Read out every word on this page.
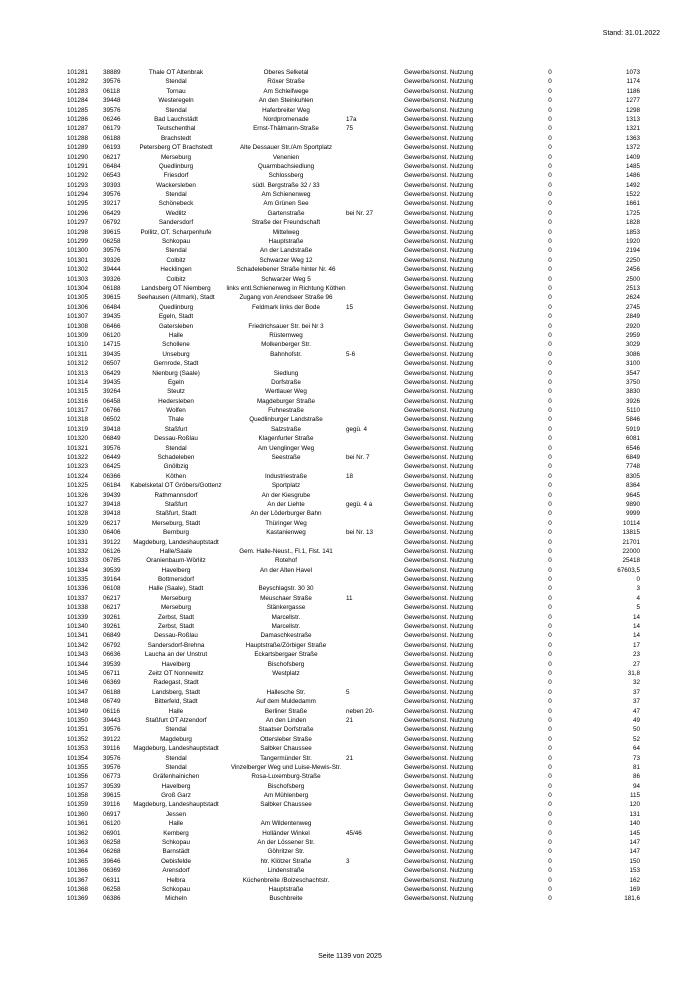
Stand: 31.01.2022
101281	38889	Thale OT Altenbrak	Oberes Selketal	Gewerbe/sonst. Nutzung	0	1073
101282	39576	Stendal	Röxer Straße	Gewerbe/sonst. Nutzung	0	1174
101283	06118	Tornau	Am Schleifwege	Gewerbe/sonst. Nutzung	0	1186
101284	39448	Westeregeln	An den Steinkuhlen	Gewerbe/sonst. Nutzung	0	1277
101285	39576	Stendal	Haferbreiter Weg	Gewerbe/sonst. Nutzung	0	1298
101286	06246	Bad Lauchstädt	Nordpromenade	17a	Gewerbe/sonst. Nutzung	0	1313
101287	06179	Teutschenthal	Ernst-Thälmann-Straße	75	Gewerbe/sonst. Nutzung	0	1321
101288	06188	Brachstedt	Gewerbe/sonst. Nutzung	0	1363
101289	06193	Petersberg OT Brachstedt	Alte Dessauer Str./Am Sportplatz	Gewerbe/sonst. Nutzung	0	1372
101290	06217	Merseburg	Venenien	Gewerbe/sonst. Nutzung	0	1409
101291	06484	Quedlinburg	Quarmbachsiedlung	Gewerbe/sonst. Nutzung	0	1485
101292	06543	Friesdorf	Schlossberg	Gewerbe/sonst. Nutzung	0	1486
101293	39393	Wackersleben	südl. Bergstraße 32 / 33	Gewerbe/sonst. Nutzung	0	1492
101294	39576	Stendal	Am Schienenweg	Gewerbe/sonst. Nutzung	0	1522
101295	39217	Schönebeck	Am Grünen See	Gewerbe/sonst. Nutzung	0	1661
101296	06429	Wedlitz	Gartenstraße	bei Nr. 27	Gewerbe/sonst. Nutzung	0	1725
101297	06792	Sandersdorf	Straße der Freundschaft	Gewerbe/sonst. Nutzung	0	1828
101298	39615	Pollitz, OT. Scharpenhufe	Mittelweg	Gewerbe/sonst. Nutzung	0	1853
101299	06258	Schkopau	Hauptstraße	Gewerbe/sonst. Nutzung	0	1920
101300	39576	Stendal	An der Landstraße	Gewerbe/sonst. Nutzung	0	2194
101301	39326	Colbitz	Schwarzer Weg 12	Gewerbe/sonst. Nutzung	0	2250
101302	39444	Hecklingen	Schadelebener Straße hinter Nr. 46	Gewerbe/sonst. Nutzung	0	2456
101303	39326	Colbitz	Schwarzer Weg 5	Gewerbe/sonst. Nutzung	0	2500
101304	06188	Landsberg OT Niemberg	links entl.Schienenweg in Richtung Köthen	Gewerbe/sonst. Nutzung	0	2513
101305	39615	Seehausen (Altmark), Stadt	Zugang von Arendseer Straße 96	Gewerbe/sonst. Nutzung	0	2624
101306	06484	Quedlinburg	Feldmark links der Bode	15	Gewerbe/sonst. Nutzung	0	2745
101307	39435	Egeln, Stadt	Gewerbe/sonst. Nutzung	0	2849
101308	06466	Gatersleben	Friedrichsauer Str. bei Nr 3	Gewerbe/sonst. Nutzung	0	2920
101309	06120	Halle	Rüsternweg	Gewerbe/sonst. Nutzung	0	2959
101310	14715	Schollene	Molkenberger Str.	Gewerbe/sonst. Nutzung	0	3029
101311	39435	Unseburg	Bahnhofstr.	5-6	Gewerbe/sonst. Nutzung	0	3086
101312	06507	Gernrode, Stadt	Gewerbe/sonst. Nutzung	0	3100
101313	06429	Nienburg (Saale)	Siedlung	Gewerbe/sonst. Nutzung	0	3547
101314	39435	Egeln	Dorfstraße	Gewerbe/sonst. Nutzung	0	3750
101315	39264	Steutz	Wertlauer Weg	Gewerbe/sonst. Nutzung	0	3830
101316	06458	Hedersleben	Magdeburger Straße	Gewerbe/sonst. Nutzung	0	3926
101317	06766	Wolfen	Fuhnestraße	Gewerbe/sonst. Nutzung	0	5110
101318	06502	Thale	Quedlinburger Landstraße	Gewerbe/sonst. Nutzung	0	5846
101319	39418	Staßfurt	Salzstraße	gegü. 4	Gewerbe/sonst. Nutzung	0	5919
101320	06849	Dessau-Roßlau	Klagenfurter Straße	Gewerbe/sonst. Nutzung	0	6081
101321	39576	Stendal	Am Uenglinger Weg	Gewerbe/sonst. Nutzung	0	6546
101322	06449	Schadeleben	Seestraße	bei Nr. 7	Gewerbe/sonst. Nutzung	0	6849
101323	06425	Gnölbzig	Gewerbe/sonst. Nutzung	0	7748
101324	06366	Köthen	Industriestraße	18	Gewerbe/sonst. Nutzung	0	8305
101325	06184	Kabelsketal OT Gröbers/Gottenz	Sportplatz	Gewerbe/sonst. Nutzung	0	8364
101326	39439	Rathmannsdorf	An der Kiesgrube	Gewerbe/sonst. Nutzung	0	9645
101327	39418	Staßfurt	An der Liehte	gegü. 4 a	Gewerbe/sonst. Nutzung	0	9890
101328	39418	Staßfurt, Stadt	An der Löderburger Bahn	Gewerbe/sonst. Nutzung	0	9999
101329	06217	Merseburg, Stadt	Thüringer Weg	Gewerbe/sonst. Nutzung	0	10114
101330	06406	Bernburg	Kastanienweg	bei Nr. 13	Gewerbe/sonst. Nutzung	0	13815
101331	39122	Magdeburg, Landeshauptstadt	Gewerbe/sonst. Nutzung	0	21701
101332	06126	Halle/Saale	Gem. Halle-Neust., Fl.1, Flst. 141	Gewerbe/sonst. Nutzung	0	22000
101333	06785	Oranienbaum-Wörlitz	Rotehof	Gewerbe/sonst. Nutzung	0	25418
101334	39539	Havelberg	An der Alten Havel	Gewerbe/sonst. Nutzung	0	67603,5
101335	39164	Bottmersdorf	Gewerbe/sonst. Nutzung	0	0
101336	06108	Halle (Saale), Stadt	Beyschlagstr. 30 30	Gewerbe/sonst. Nutzung	0	3
101337	06217	Merseburg	Meuschaer Straße	11	Gewerbe/sonst. Nutzung	0	4
101338	06217	Merseburg	Stänkergasse	Gewerbe/sonst. Nutzung	0	5
101339	39261	Zerbst, Stadt	Marcellstr.	Gewerbe/sonst. Nutzung	0	14
101340	39261	Zerbst, Stadt	Marcellstr.	Gewerbe/sonst. Nutzung	0	14
101341	06849	Dessau-Roßlau	Damaschkestraße	Gewerbe/sonst. Nutzung	0	14
101342	06792	Sandersdorf-Brehna	Hauptstraße/Zörbiger Straße	Gewerbe/sonst. Nutzung	0	17
101343	06636	Laucha an der Unstrut	Eckartsbergaer Straße	Gewerbe/sonst. Nutzung	0	23
101344	39539	Havelberg	Bischofsberg	Gewerbe/sonst. Nutzung	0	27
101345	06711	Zeitz OT Nonnewitz	Westplatz	Gewerbe/sonst. Nutzung	0	31,8
101346	06369	Radegast, Stadt	Gewerbe/sonst. Nutzung	0	32
101347	06188	Landsberg, Stadt	Hallesche Str.	5	Gewerbe/sonst. Nutzung	0	37
101348	06749	Bitterfeld, Stadt	Auf dem Muldedamm	Gewerbe/sonst. Nutzung	0	37
101349	06116	Halle	Berliner Straße	neben 20-	Gewerbe/sonst. Nutzung	0	47
101350	39443	Staßfurt OT Atzendorf	An den Linden	21	Gewerbe/sonst. Nutzung	0	49
101351	39576	Stendal	Staatser Dorfstraße	Gewerbe/sonst. Nutzung	0	50
101352	39122	Magdeburg	Ottersleber Straße	Gewerbe/sonst. Nutzung	0	52
101353	39116	Magdeburg, Landeshauptstadt	Salbker Chaussee	Gewerbe/sonst. Nutzung	0	64
101354	39576	Stendal	Tangermünder Str.	21	Gewerbe/sonst. Nutzung	0	73
101355	39576	Stendal	Vinzelberger Weg und Luise-Mewis-Str.	Gewerbe/sonst. Nutzung	0	81
101356	06773	Gräfenhainichen	Rosa-Luxemburg-Straße	Gewerbe/sonst. Nutzung	0	86
101357	39539	Havelberg	Bischofsberg	Gewerbe/sonst. Nutzung	0	94
101358	39615	Groß Garz	Am Mühlenberg	Gewerbe/sonst. Nutzung	0	115
101359	39116	Magdeburg, Landeshauptstadt	Salbker Chaussee	Gewerbe/sonst. Nutzung	0	120
101360	06917	Jessen	Gewerbe/sonst. Nutzung	0	131
101361	06120	Halle	Am Wildentenweg	Gewerbe/sonst. Nutzung	0	140
101362	06901	Kemberg	Holländer Winkel	45/46	Gewerbe/sonst. Nutzung	0	145
101363	06258	Schkopau	An der Lössener Str.	Gewerbe/sonst. Nutzung	0	147
101364	06268	Barnstädt	Göhritzer Str.	Gewerbe/sonst. Nutzung	0	147
101365	39646	Oebisfelde	htr. Klötzer Straße	3	Gewerbe/sonst. Nutzung	0	150
101366	06369	Arensdorf	Lindenstraße	Gewerbe/sonst. Nutzung	0	153
101367	06311	Helbra	Küchenbreite /Bolzeschachtstr.	Gewerbe/sonst. Nutzung	0	162
101368	06258	Schkopau	Hauptstraße	Gewerbe/sonst. Nutzung	0	169
101369	06386	Micheln	Buschbreite	Gewerbe/sonst. Nutzung	0	181,6
Seite 1139 von 2025
